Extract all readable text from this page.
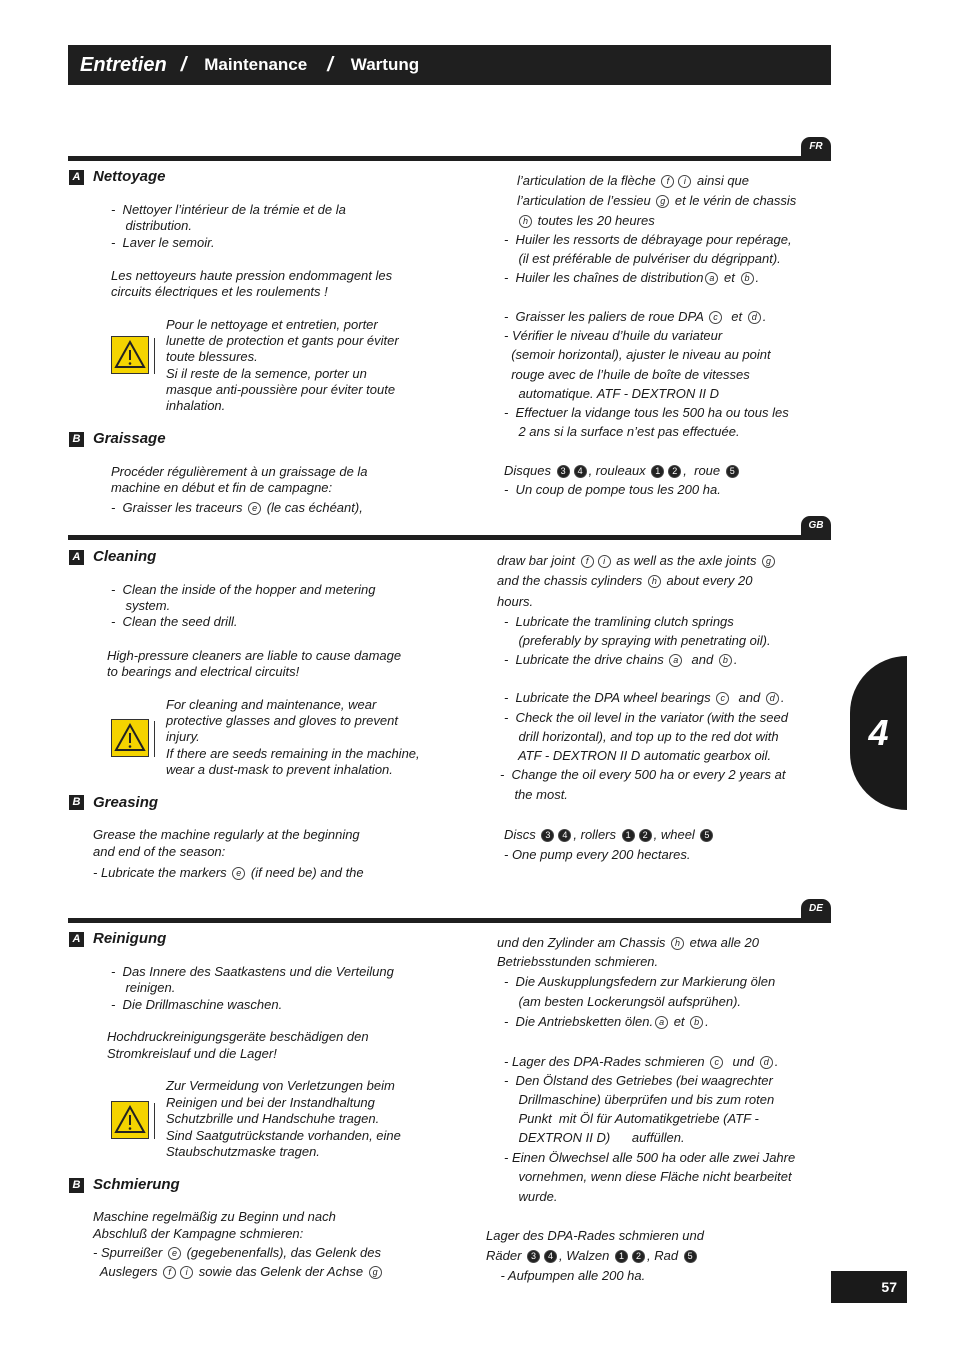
Entretien / Maintenance / Wartung
FR
A Nettoyage
-  Nettoyer l’intérieur de la trémie et de la
distribution.
-  Laver le semoir.
Les nettoyeurs haute pression endommagent les
circuits électriques et les roulements !
Pour le nettoyage et entretien, porter
lunette de protection et gants pour éviter
toute blessures.
Si il reste de la semence, porter un
masque anti-poussière pour éviter toute
inhalation.
B Graissage
Procéder régulièrement à un graissage de la
machine en début et fin de campagne:
-  Graisser les traceurs e (le cas échéant),
l’articulation de la flèche f i ainsi que
l’articulation de l’essieu g et le vérin de chassis
h toutes les 20 heures
-  Huiler les ressorts de débrayage pour repérage,
(il est préférable de pulvériser du dégrippant).
-  Huiler les chaînes de distribution a et b .
-  Graisser les paliers de roue DPA c  et d .
- Vérifier le niveau d’huile du variateur
(semoir horizontal), ajuster le niveau au point
rouge avec de l’huile de boîte de vitesses
automatique. ATF - DEXTRON II D
-  Effectuer la vidange tous les 500 ha ou tous les
2 ans si la surface n’est pas effectuée.
Disques 3 4 , rouleaux 1 2 ,  roue 5
-  Un coup de pompe tous les 200 ha.
GB
A Cleaning
-  Clean the inside of the hopper and metering
system.
-  Clean the seed drill.
High-pressure cleaners are liable to cause damage
to bearings and electrical circuits!
For cleaning and maintenance, wear
protective glasses and gloves to prevent
injury.
If there are seeds remaining in the machine,
wear a dust-mask to prevent inhalation.
B Greasing
Grease the machine regularly at the beginning
and end of the season:
- Lubricate the markers e (if need be) and the
draw bar joint f i as well as the axle joints g
and the chassis cylinders h about every 20
hours.
-  Lubricate the tramlining clutch springs
(preferably by spraying with penetrating oil).
-  Lubricate the drive chains a  and b .
-  Lubricate the DPA wheel bearings c  and d .
-  Check the oil level in the variator (with the seed
drill horizontal), and top up to the red dot with
ATF - DEXTRON II D automatic gearbox oil.
-  Change the oil every 500 ha or every 2 years at
the most.
Discs 3 4 , rollers 1 2 , wheel 5
- One pump every 200 hectares.
4
DE
A Reinigung
-  Das Innere des Saatkastens und die Verteilung
reinigen.
-  Die Drillmaschine waschen.
Hochdruckreinigungsgeräte beschädigen den
Stromkreislauf und die Lager!
Zur Vermeidung von Verletzungen beim
Reinigen und bei der Instandhaltung
Schutzbrille und Handschuhe tragen.
Sind Saatgutrückstande vorhanden, eine
Staubschutzmaske tragen.
B Schmierung
Maschine regelmäßig zu Beginn und nach
Abschluß der Kampagne schmieren:
- Spurreißer e (gegebenenfalls), das Gelenk des
Auslegers f i sowie das Gelenk der Achse g
und den Zylinder am Chassis h etwa alle 20
Betriebsstunden schmieren.
-  Die Auskupplungsfedern zur Markierung ölen
(am besten Lockerungsöl aufsprühen).
-  Die Antriebsketten ölen. a et b .
- Lager des DPA-Rades schmieren c  und d .
-  Den Ölstand des Getriebes (bei waagrechter
Drillmaschine) überprüfen und bis zum roten
Punkt  mit Öl für Automatikgetriebe (ATF -
DEXTRON II D)      auffüllen.
- Einen Ölwechsel alle 500 ha oder alle zwei Jahre
vornehmen, wenn diese Fläche nicht bearbeitet
wurde.
Lager des DPA-Rades schmieren und
Räder 3 4 , Walzen 1 2 , Rad 5
- Aufpumpen alle 200 ha.
57
